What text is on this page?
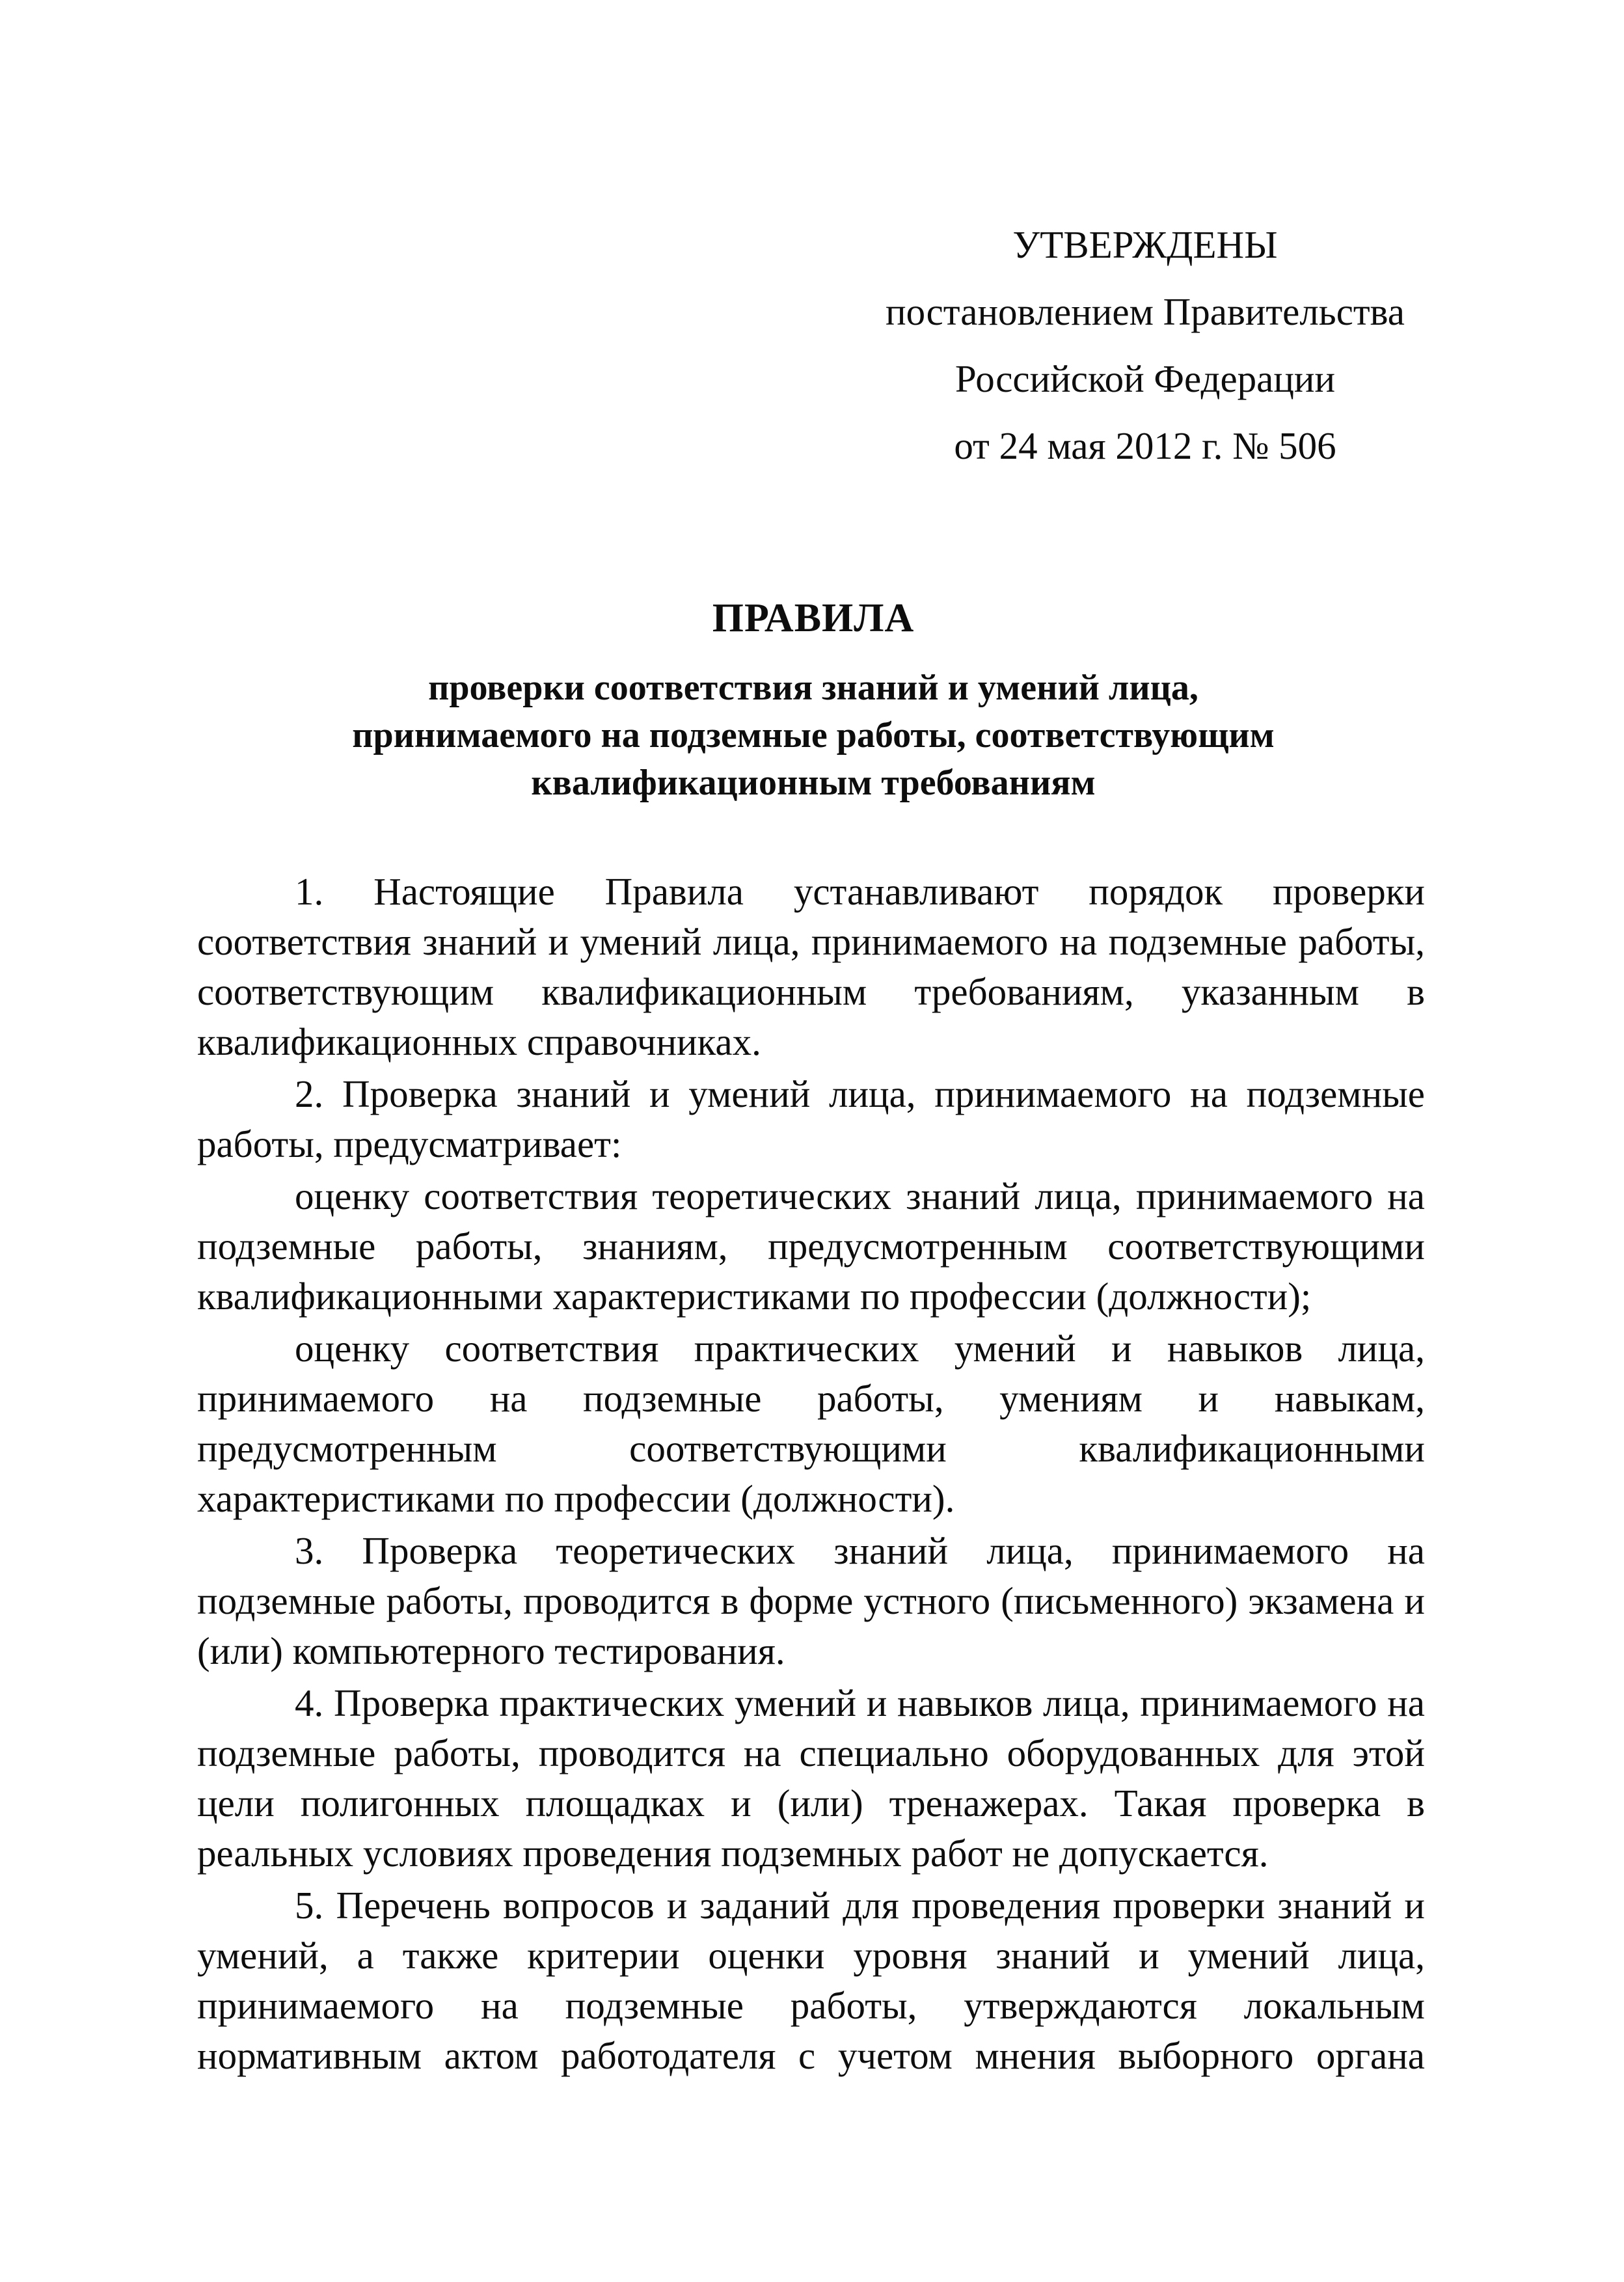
УТВЕРЖДЕНЫ
постановлением Правительства
Российской Федерации
от 24 мая 2012 г. № 506
ПРАВИЛА
проверки соответствия знаний и умений лица,
принимаемого на подземные работы, соответствующим
квалификационным требованиям
1. Настоящие Правила устанавливают порядок проверки
соответствия знаний и умений лица, принимаемого на подземные работы,
соответствующим квалификационным требованиям, указанным в
квалификационных справочниках.
2. Проверка знаний и умений лица, принимаемого на подземные
работы, предусматривает:
оценку соответствия теоретических знаний лица, принимаемого на
подземные работы, знаниям, предусмотренным соответствующими
квалификационными характеристиками по профессии (должности);
оценку соответствия практических умений и навыков лица,
принимаемого на подземные работы, умениям и навыкам,
предусмотренным соответствующими квалификационными
характеристиками по профессии (должности).
3. Проверка теоретических знаний лица, принимаемого на
подземные работы, проводится в форме устного (письменного) экзамена и
(или) компьютерного тестирования.
4. Проверка практических умений и навыков лица, принимаемого на
подземные работы, проводится на специально оборудованных для этой
цели полигонных площадках и (или) тренажерах. Такая проверка в
реальных условиях проведения подземных работ не допускается.
5. Перечень вопросов и заданий для проведения проверки знаний и
умений, а также критерии оценки уровня знаний и умений лица,
принимаемого на подземные работы, утверждаются локальным
нормативным актом работодателя с учетом мнения выборного органа
